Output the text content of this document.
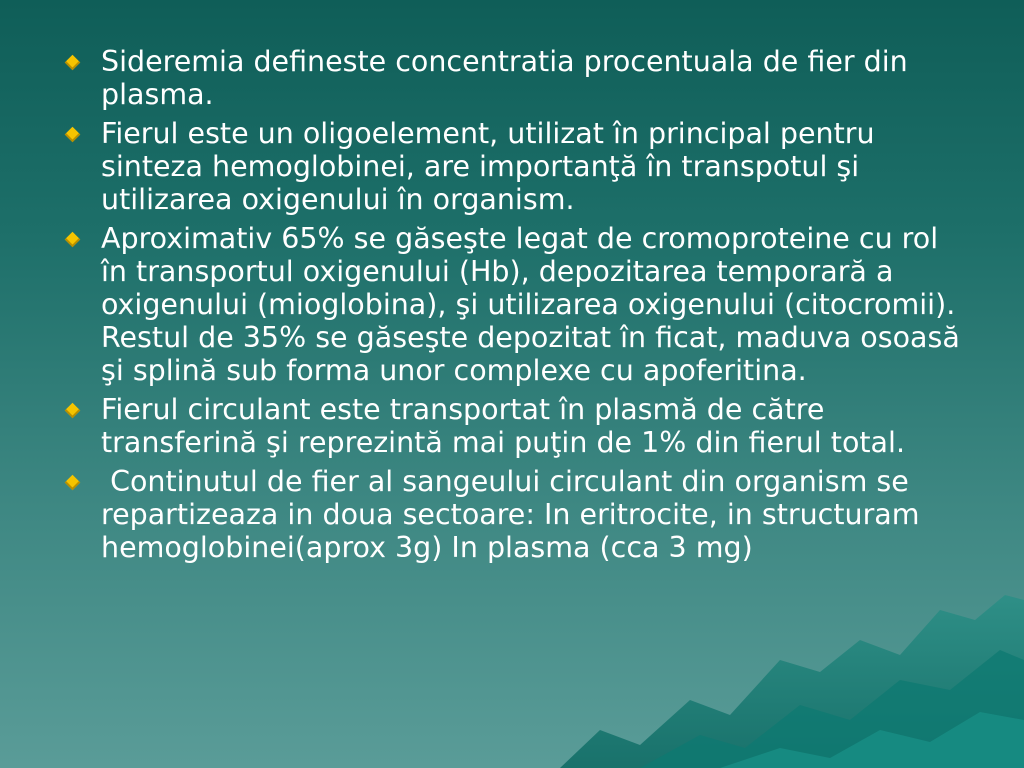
Sideremia defineste concentratia procentuala de fier din plasma.
Fierul este un oligoelement, utilizat în principal pentru sinteza hemoglobinei, are importanţă în transpotul şi utilizarea oxigenului în organism.
Aproximativ 65% se găseşte legat de cromoproteine cu rol în transportul oxigenului (Hb), depozitarea temporară a oxigenului (mioglobina), şi utilizarea oxigenului (citocromii). Restul de 35% se găseşte depozitat în ficat, maduva osoasă şi splină sub forma unor complexe cu apoferitina.
Fierul circulant este transportat în plasmă de către transferină şi reprezintă mai puţin de 1% din fierul total.
Continutul de fier al sangeului circulant din organism se repartizeaza in doua sectoare: In eritrocite, in structuram hemoglobinei(aprox 3g) In plasma (cca 3 mg)
